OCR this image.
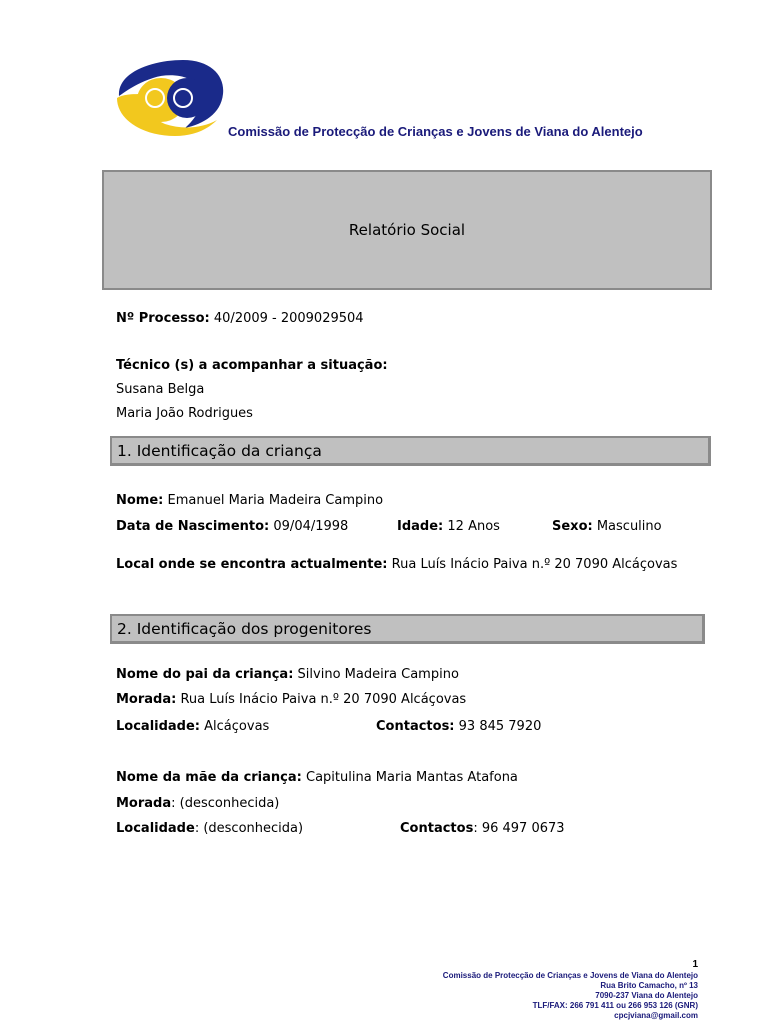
Comissão de Protecção de Crianças e Jovens de Viana do Alentejo
Relatório Social
Nº Processo: 40/2009 - 2009029504
Técnico (s) a acompanhar a situação:
Susana Belga
Maria João Rodrigues
1. Identificação da criança
Nome: Emanuel Maria Madeira Campino
Data de Nascimento: 09/04/1998	Idade: 12 Anos	Sexo: Masculino
Local onde se encontra actualmente: Rua Luís Inácio Paiva n.º 20 7090 Alcáçovas
2. Identificação dos progenitores
Nome do pai da criança: Silvino Madeira Campino
Morada: Rua Luís Inácio Paiva n.º 20 7090 Alcáçovas
Localidade: Alcáçovas	Contactos: 93 845 7920
Nome da mãe da criança: Capitulina Maria Mantas Atafona
Morada: (desconhecida)
Localidade: (desconhecida)	Contactos: 96 497 0673
1
Comissão de Protecção de Crianças e Jovens de Viana do Alentejo
Rua Brito Camacho, nº 13
7090-237 Viana do Alentejo
TLF/FAX: 266 791 411 ou 266 953 126 (GNR)
cpcjviana@gmail.com
